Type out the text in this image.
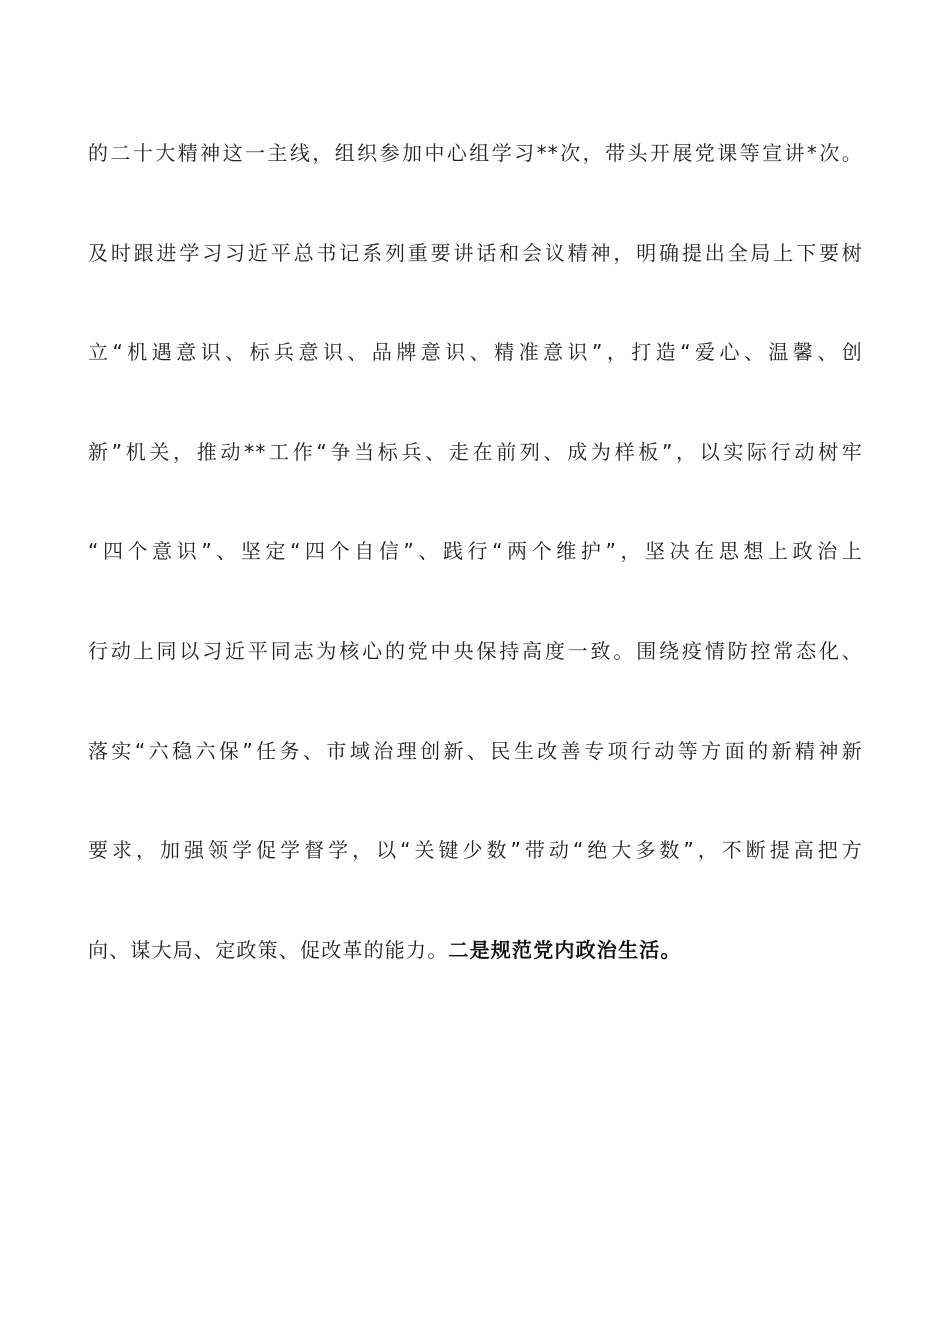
的二十大精神这一主线，组织参加中心组学习**次，带头开展党课等宣讲*次。
及时跟进学习习近平总书记系列重要讲话和会议精神，明确提出全局上下要树
立“机遇意识、标兵意识、品牌意识、精准意识”，打造“爱心、温馨、创
新”机关，推动**工作“争当标兵、走在前列、成为样板”，以实际行动树牢
“四个意识”、坚定“四个自信”、践行“两个维护”，坚决在思想上政治上
行动上同以习近平同志为核心的党中央保持高度一致。围绕疫情防控常态化、
落实“六稳六保”任务、市域治理创新、民生改善专项行动等方面的新精神新
要求，加强领学促学督学，以“关键少数”带动“绝大多数”，不断提高把方
向、谋大局、定政策、促改革的能力。二是规范党内政治生活。
